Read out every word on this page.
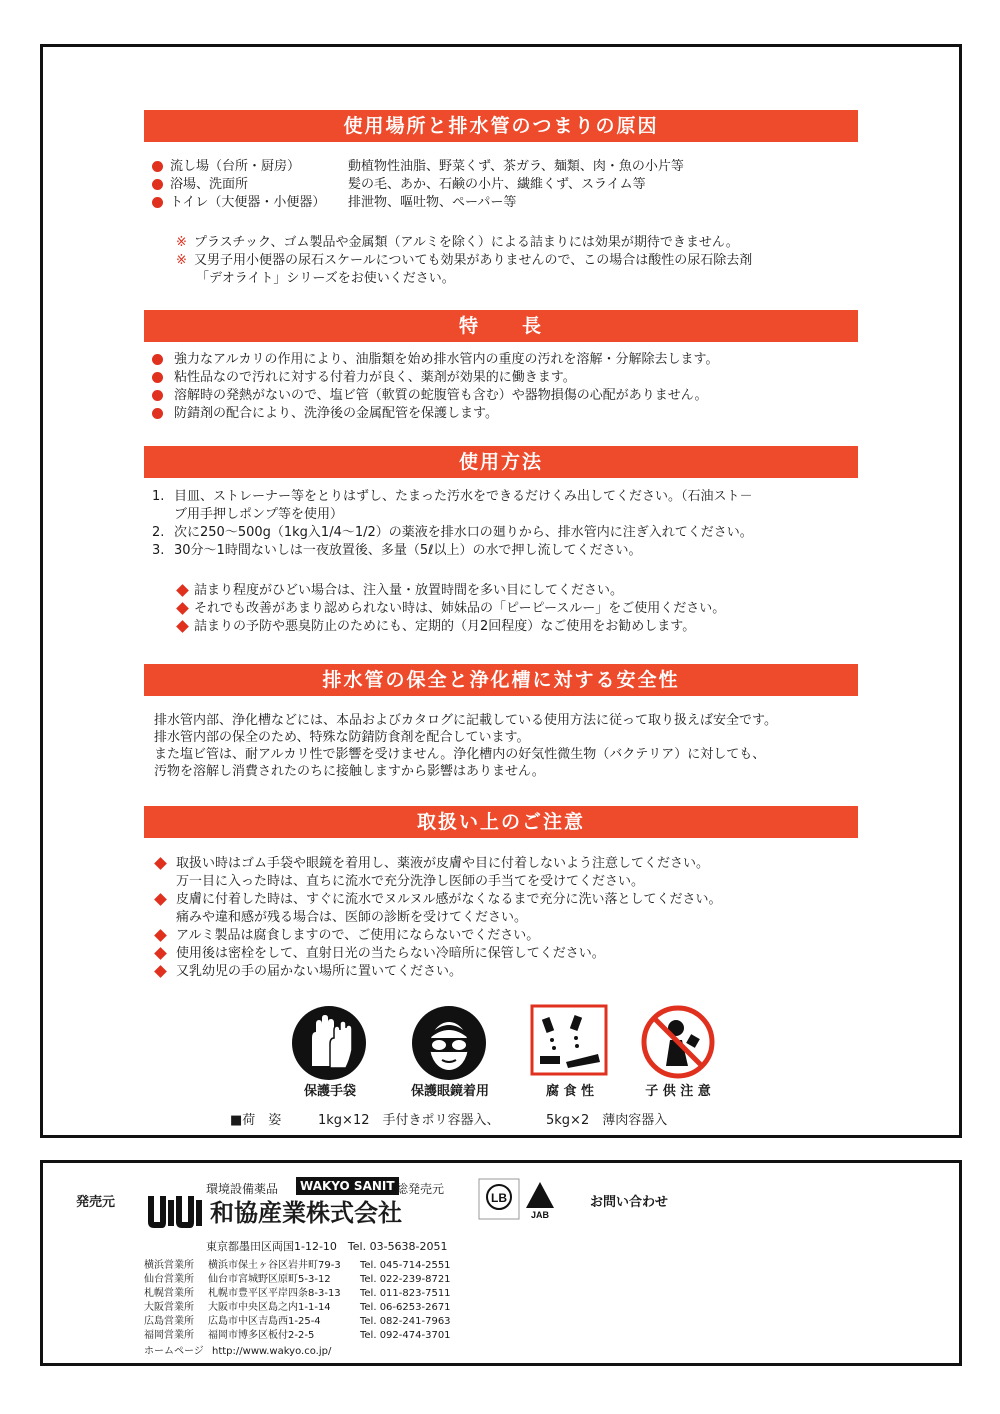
使用場所と排水管のつまりの原因
流し場（台所・厨房）	動植物性油脂、野菜くず、茶ガラ、麺類、肉・魚の小片等
浴場、洗面所	髪の毛、あか、石鹸の小片、繊維くず、スライム等
トイレ（大便器・小便器） 排泄物、嘔吐物、ペーパー等
※ プラスチック、ゴム製品や金属類（アルミを除く）による詰まりには効果が期待できません。
※ 又男子用小便器の尿石スケールについても効果がありませんので、この場合は酸性の尿石除去剤
「デオライト」シリーズをお使いください。
特　　長
強力なアルカリの作用により、油脂類を始め排水管内の重度の汚れを溶解・分解除去します。
粘性品なので汚れに対する付着力が良く、薬剤が効果的に働きます。
溶解時の発熱がないので、塩ビ管（軟質の蛇腹管も含む）や器物損傷の心配がありません。
防錆剤の配合により、洗浄後の金属配管を保護します。
使用方法
1. 目皿、ストレーナー等をとりはずし、たまった汚水をできるだけくみ出してください。（石油スト－
ブ用手押しポンプ等を使用）
2. 次に250〜500g（1kg入1/4〜1/2）の薬液を排水口の廻りから、排水管内に注ぎ入れてください。
3. 30分〜1時間ないしは一夜放置後、多量（5ℓ以上）の水で押し流してください。
詰まり程度がひどい場合は、注入量・放置時間を多い目にしてください。
それでも改善があまり認められない時は、姉妹品の「ピーピースルー」をご使用ください。
詰まりの予防や悪臭防止のためにも、定期的（月2回程度）なご使用をお勧めします。
排水管の保全と浄化槽に対する安全性
排水管内部、浄化槽などには、本品およびカタログに記載している使用方法に従って取り扱えば安全です。
排水管内部の保全のため、特殊な防錆防食剤を配合しています。
また塩ビ管は、耐アルカリ性で影響を受けません。浄化槽内の好気性微生物（バクテリア）に対しても、
汚物を溶解し消費されたのちに接触しますから影響はありません。
取扱い上のご注意
取扱い時はゴム手袋や眼鏡を着用し、薬液が皮膚や目に付着しないよう注意してください。
万一目に入った時は、直ちに流水で充分洗浄し医師の手当てを受けてください。
皮膚に付着した時は、すぐに流水でヌルヌル感がなくなるまで充分に洗い落としてください。
痛みや違和感が残る場合は、医師の診断を受けてください。
アルミ製品は腐食しますので、ご使用にならないでください。
使用後は密栓をして、直射日光の当たらない冷暗所に保管してください。
又乳幼児の手の届かない場所に置いてください。
保護手袋	保護眼鏡着用	腐 食 性	子 供 注 意
■荷　姿	1kg×12　手付きポリ容器入、	5kg×2　薄肉容器入
発売元
環境設備薬品	WAKYO SANIT 総発売元
和協産業株式会社
東京都墨田区両国1-12-10　Tel. 03-5638-2051
横浜営業所 横浜市保土ヶ谷区岩井町79-3 Tel. 045-714-2551
仙台営業所 仙台市宮城野区原町5-3-12	Tel. 022-239-8721
札幌営業所 札幌市豊平区平岸四条8-3-13 Tel. 011-823-7511
大阪営業所 大阪市中央区島之内1-1-14	Tel. 06-6253-2671
広島営業所 広島市中区吉島西1-25-4	Tel. 082-241-7963
福岡営業所 福岡市博多区板付2-2-5	Tel. 092-474-3701
ホームページ http://www.wakyo.co.jp/
LB
JAB
お問い合わせ
